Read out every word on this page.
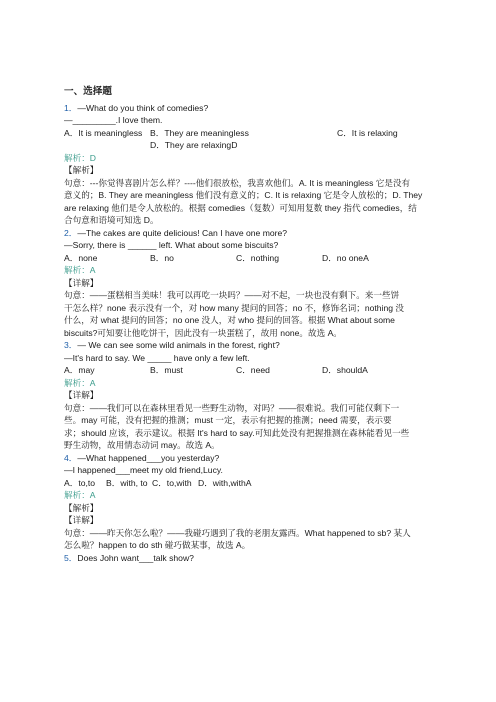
一、选择题
1．—What do you think of comedies?
—_________.I love them.
A．It is meaningless B．They are meaningless	C．It is relaxing
D．They are relaxingD
解析：D
【解析】
句意：---你觉得喜剧片怎么样？----他们很放松，我喜欢他们。A. It is meaningless 它是没有
意义的；B. They are meaningless 他们没有意义的；C. It is relaxing 它是令人放松的；D. They
are relaxing 他们是令人放松的。根据 comedies（复数）可知用复数 they 指代 comedies，结
合句意和语境可知选 D。
2．—The cakes are quite delicious! Can I have one more?
—Sorry, there is ______ left. What about some biscuits?
A．none	B．no	C．nothing	D．no oneA
解析：A
【详解】
句意：——蛋糕相当美味！我可以再吃一块吗？——对不起，一块也没有剩下。来一些饼
干怎么样？none 表示没有一个，对 how many 提问的回答；no 不，修饰名词；nothing 没
什么，对 what 提问的回答；no one 没人，对 who 提问的回答。根据 What about some
biscuits?可知要让他吃饼干，因此没有一块蛋糕了，故用 none。故选 A。
3．— We can see some wild animals in the forest, right?
—It's hard to say. We _____ have only a few left.
A．may	B．must	C．need	D．shouldA
解析：A
【详解】
句意：——我们可以在森林里看见一些野生动物，对吗？——很难说。我们可能仅剩下一
些。may 可能，没有把握的推测；must 一定，表示有把握的推测；need 需要，表示要
求；should 应该，表示建议。根据 It's hard to say.可知此处没有把握推测在森林能看见一些
野生动物，故用情态动词 may。故选 A。
4．—What happened___you yesterday?
—I happened___meet my old friend,Lucy.
A．to,to B．with, to C．to,with D．with,withA
解析：A
【解析】
【详解】
句意：——昨天你怎么啦？——我碰巧遇到了我的老朋友露西。What happened to sb? 某人
怎么啦？happen to do sth 碰巧做某事，故选 A。
5．Does John want___talk show?
